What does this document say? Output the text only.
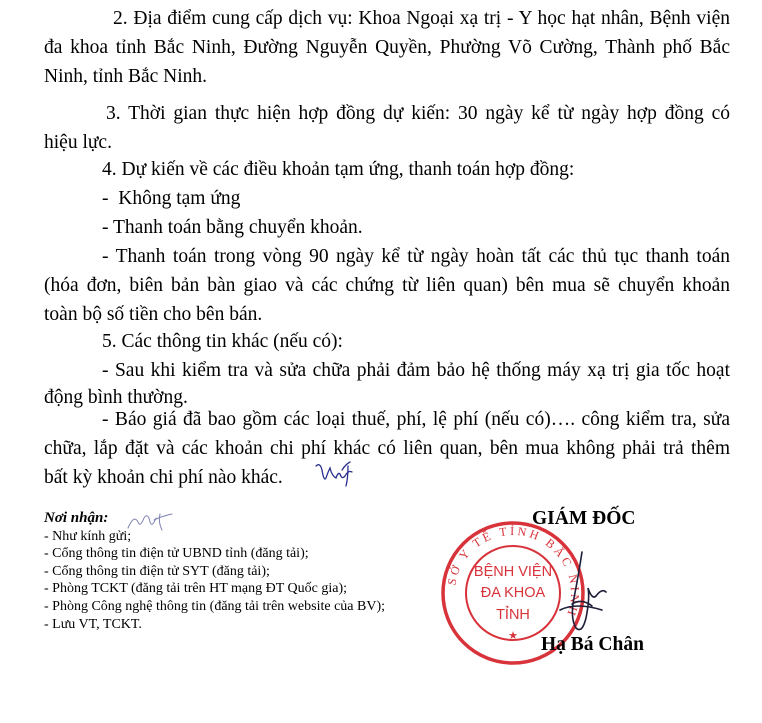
2. Địa điểm cung cấp dịch vụ: Khoa Ngoại xạ trị - Y học hạt nhân, Bệnh viện
đa khoa tỉnh Bắc Ninh, Đường Nguyễn Quyền, Phường Võ Cường, Thành phố Bắc
Ninh, tỉnh Bắc Ninh.
3. Thời gian thực hiện hợp đồng dự kiến: 30 ngày kể từ ngày hợp đồng có
hiệu lực.
4. Dự kiến về các điều khoản tạm ứng, thanh toán hợp đồng:
-  Không tạm ứng
- Thanh toán bằng chuyển khoản.
- Thanh toán trong vòng 90 ngày kể từ ngày hoàn tất các thủ tục thanh toán
(hóa đơn, biên bản bàn giao và các chứng từ liên quan) bên mua sẽ chuyển khoản
toàn bộ số tiền cho bên bán.
5. Các thông tin khác (nếu có):
- Sau khi kiểm tra và sửa chữa phải đảm bảo hệ thống máy xạ trị gia tốc hoạt
động bình thường.
- Báo giá đã bao gồm các loại thuế, phí, lệ phí (nếu có)…. công kiểm tra, sửa
chữa, lắp đặt và các khoản chi phí khác có liên quan, bên mua không phải trả thêm
bất kỳ khoản chi phí nào khác.
Nơi nhận:
- Như kính gửi;
- Cổng thông tin điện tử UBND tỉnh (đăng tải);
- Cổng thông tin điện tử SYT (đăng tải);
- Phòng TCKT (đăng tải trên HT mạng ĐT Quốc gia);
- Phòng Công nghệ thông tin (đăng tải trên website của BV);
- Lưu VT, TCKT.
SỞ Y TẾ TỈNH BẮC NINH
★
BỆNH VIỆN
ĐA KHOA
TỈNH
GIÁM ĐỐC
Hạ Bá Chân
